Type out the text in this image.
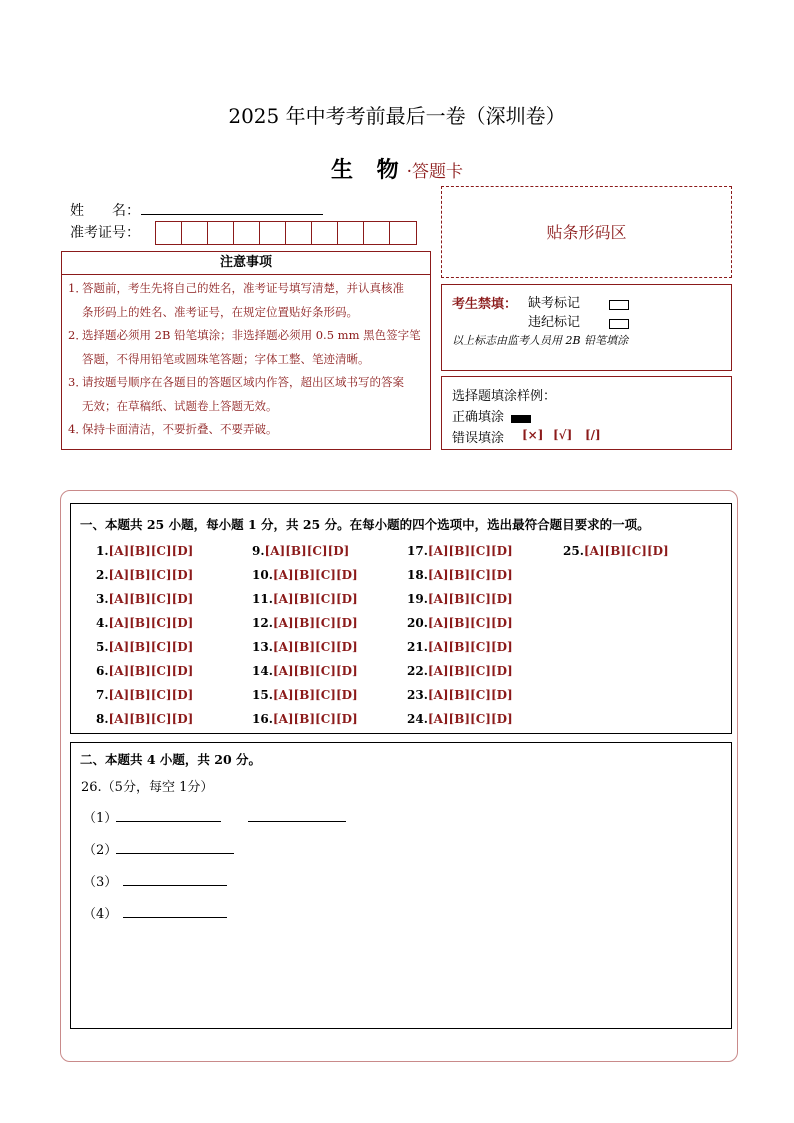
2025 年中考考前最后一卷（深圳卷）
生 物·答题卡
姓　　名：
准考证号：	贴条形码区
注意事项
1．答题前，考生先将自己的姓名，准考证号填写清楚，并认真核准
条形码上的姓名、准考证号，在规定位置贴好条形码。
2．选择题必须用 2B 铅笔填涂；非选择题必须用 0.5 mm 黑色签字笔
答题，不得用铅笔或圆珠笔答题；字体工整、笔迹清晰。
3．请按题号顺序在各题目的答题区域内作答，超出区域书写的答案
无效；在草稿纸、试题卷上答题无效。
4．保持卡面清洁，不要折叠、不要弄破。
考生禁填： 缺考标记
违纪标记
以上标志由监考人员用 2B 铅笔填涂
选择题填涂样例：
正确填涂
错误填涂 [×] [√] [/]
一、本题共 25 小题，每小题 1 分，共 25 分。在每小题的四个选项中，选出最符合题目要求的一项。
1.[A][B][C][D]
2.[A][B][C][D]
3.[A][B][C][D]
4.[A][B][C][D]
5.[A][B][C][D]
6.[A][B][C][D]
7.[A][B][C][D]
8.[A][B][C][D]
9.[A][B][C][D]
10.[A][B][C][D]
11.[A][B][C][D]
12.[A][B][C][D]
13.[A][B][C][D]
14.[A][B][C][D]
15.[A][B][C][D]
16.[A][B][C][D]
17.[A][B][C][D]
18.[A][B][C][D]
19.[A][B][C][D]
20.[A][B][C][D]
21.[A][B][C][D]
22.[A][B][C][D]
23.[A][B][C][D]
24.[A][B][C][D]
25.[A][B][C][D]
二、本题共 4 小题，共 20 分。
26.（5分，每空 1分）
（1）
（2）
（3）
（4）
